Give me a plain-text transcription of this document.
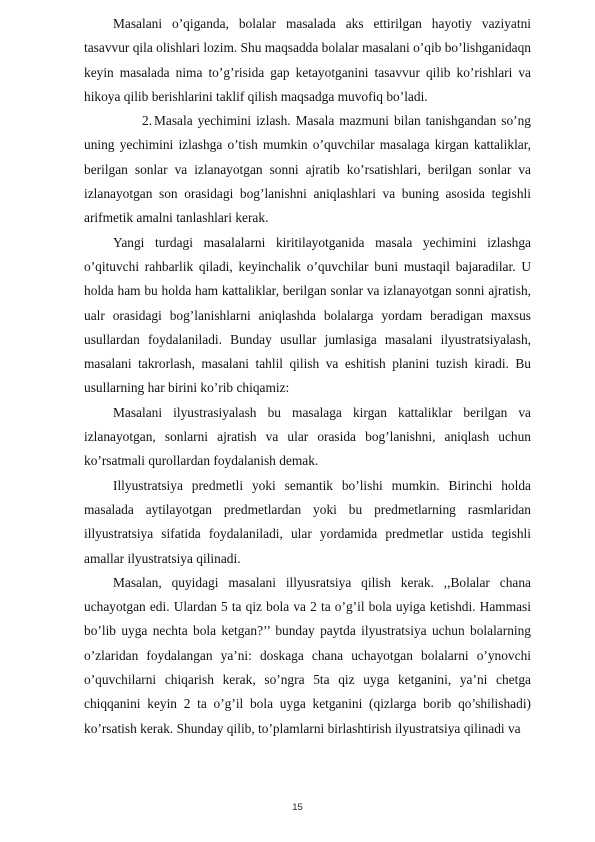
Masalani o’qiganda, bolalar masalada aks ettirilgan hayotiy vaziyatni tasavvur qila olishlari lozim. Shu maqsadda bolalar masalani o’qib bo’lishganidaqn keyin masalada nima to’g’risida gap ketayotganini tasavvur qilib ko’rishlari va hikoya qilib berishlarini taklif qilish maqsadga muvofiq bo’ladi.

2. Masala yechimini izlash. Masala mazmuni bilan tanishgandan so’ng uning yechimini izlashga o’tish mumkin o’quvchilar masalaga kirgan kattaliklar, berilgan sonlar va izlanayotgan sonni ajratib ko’rsatishlari, berilgan sonlar va izlanayotgan son orasidagi bog’lanishni aniqlashlari va buning asosida tegishli arifmetik amalni tanlashlari kerak.

Yangi turdagi masalalarni kiritilayotganida masala yechimini izlashga o’qituvchi rahbarlik qiladi, keyinchalik o’quvchilar buni mustaqil bajaradilar. U holda ham bu holda ham kattaliklar, berilgan sonlar va izlanayotgan sonni ajratish, ualr orasidagi bog’lanishlarni aniqlashda bolalarga yordam beradigan maxsus usullardan foydalaniladi. Bunday usullar jumlasiga masalani ilyustratsiyalash, masalani takrorlash, masalani tahlil qilish va eshitish planini tuzish kiradi. Bu usullarning har birini ko’rib chiqamiz:

Masalani ilyustrasiyalash bu masalaga kirgan kattaliklar berilgan va izlanayotgan, sonlarni ajratish va ular orasida bog’lanishni, aniqlash uchun ko’rsatmali qurollardan foydalanish demak.

Illyustratsiya predmetli yoki semantik bo’lishi mumkin. Birinchi holda masalada aytilayotgan predmetlardan yoki bu predmetlarning rasmlaridan illyustratsiya sifatida foydalaniladi, ular yordamida predmetlar ustida tegishli amallar ilyustratsiya qilinadi.

Masalan, quyidagi masalani illyusratsiya qilish kerak. ,,Bolalar chana uchayotgan edi. Ulardan 5 ta qiz bola va 2 ta o’g’il bola uyiga ketishdi. Hammasi bo’lib uyga nechta bola ketgan?’’ bunday paytda ilyustratsiya uchun bolalarning o’zlaridan foydalangan ya’ni: doskaga chana uchayotgan bolalarni o’ynovchi o’quvchilarni chiqarish kerak, so’ngra 5ta qiz uyga ketganini, ya’ni chetga chiqqanini keyin 2 ta o’g’il bola uyga ketganini (qizlarga borib qo’shilishadi) ko’rsatish kerak. Shunday qilib, to’plamlarni birlashtirish ilyustratsiya qilinadi va

15
